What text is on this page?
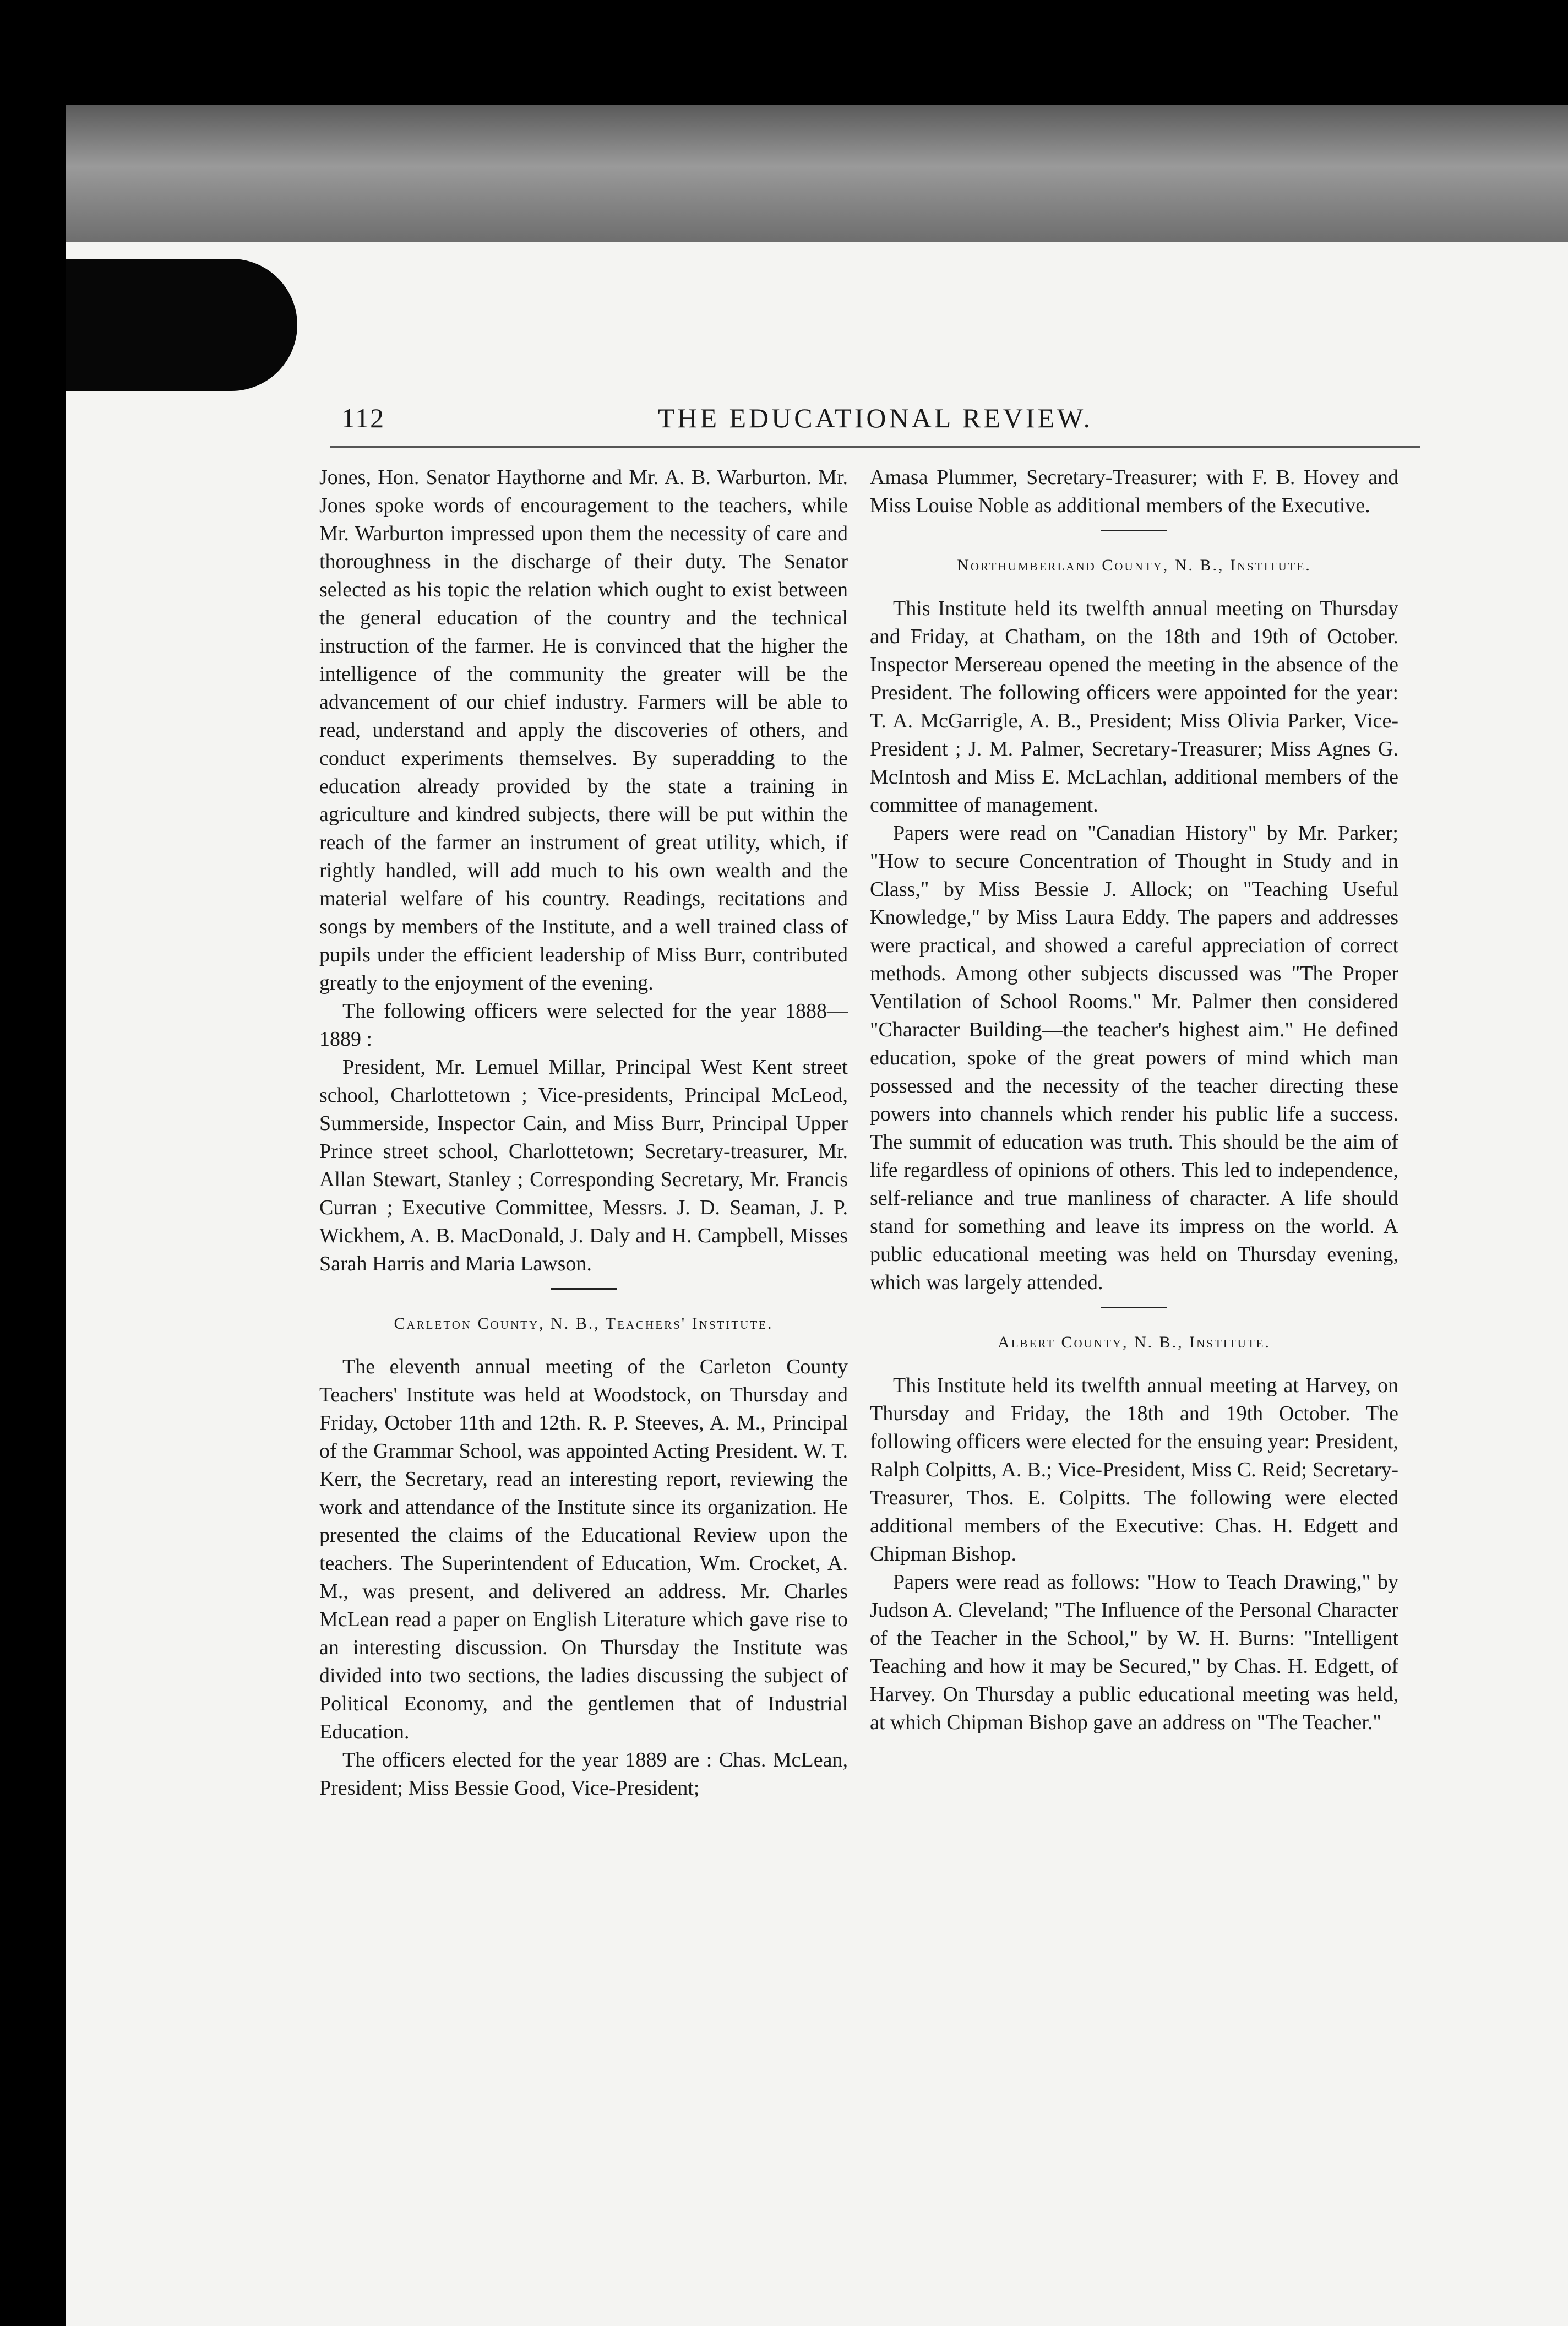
112	THE EDUCATIONAL REVIEW.

Jones, Hon. Senator Haythorne and Mr. A. B. Warburton. Mr. Jones spoke words of encouragement to the teachers, while Mr. Warburton impressed upon them the necessity of care and thoroughness in the discharge of their duty. The Senator selected as his topic the relation which ought to exist between the general education of the country and the technical instruction of the farmer. He is convinced that the higher the intelligence of the community the greater will be the advancement of our chief industry. Farmers will be able to read, understand and apply the discoveries of others, and conduct experiments themselves. By superadding to the education already provided by the state a training in agriculture and kindred subjects, there will be put within the reach of the farmer an instrument of great utility, which, if rightly handled, will add much to his own wealth and the material welfare of his country. Readings, recitations and songs by members of the Institute, and a well trained class of pupils under the efficient leadership of Miss Burr, contributed greatly to the enjoyment of the evening.

The following officers were selected for the year 1888—1889 :

President, Mr. Lemuel Millar, Principal West Kent street school, Charlottetown ; Vice-presidents, Principal McLeod, Summerside, Inspector Cain, and Miss Burr, Principal Upper Prince street school, Charlottetown; Secretary-treasurer, Mr. Allan Stewart, Stanley ; Corresponding Secretary, Mr. Francis Curran ; Executive Committee, Messrs. J. D. Seaman, J. P. Wickhem, A. B. MacDonald, J. Daly and H. Campbell, Misses Sarah Harris and Maria Lawson.

Carleton County, N. B., Teachers' Institute.

The eleventh annual meeting of the Carleton County Teachers' Institute was held at Woodstock, on Thursday and Friday, October 11th and 12th. R. P. Steeves, A. M., Principal of the Grammar School, was appointed Acting President. W. T. Kerr, the Secretary, read an interesting report, reviewing the work and attendance of the Institute since its organization. He presented the claims of the Educational Review upon the teachers. The Superintendent of Education, Wm. Crocket, A. M., was present, and delivered an address. Mr. Charles McLean read a paper on English Literature which gave rise to an interesting discussion. On Thursday the Institute was divided into two sections, the ladies discussing the subject of Political Economy, and the gentlemen that of Industrial Education.

The officers elected for the year 1889 are : Chas. McLean, President; Miss Bessie Good, Vice-President;

Amasa Plummer, Secretary-Treasurer; with F. B. Hovey and Miss Louise Noble as additional members of the Executive.

Northumberland County, N. B., Institute.

This Institute held its twelfth annual meeting on Thursday and Friday, at Chatham, on the 18th and 19th of October. Inspector Mersereau opened the meeting in the absence of the President. The following officers were appointed for the year: T. A. McGarrigle, A. B., President; Miss Olivia Parker, Vice-President ; J. M. Palmer, Secretary-Treasurer; Miss Agnes G. McIntosh and Miss E. McLachlan, additional members of the committee of management.

Papers were read on "Canadian History" by Mr. Parker; "How to secure Concentration of Thought in Study and in Class," by Miss Bessie J. Allock; on "Teaching Useful Knowledge," by Miss Laura Eddy. The papers and addresses were practical, and showed a careful appreciation of correct methods. Among other subjects discussed was "The Proper Ventilation of School Rooms." Mr. Palmer then considered "Character Building—the teacher's highest aim." He defined education, spoke of the great powers of mind which man possessed and the necessity of the teacher directing these powers into channels which render his public life a success. The summit of education was truth. This should be the aim of life regardless of opinions of others. This led to independence, self-reliance and true manliness of character. A life should stand for something and leave its impress on the world. A public educational meeting was held on Thursday evening, which was largely attended.

Albert County, N. B., Institute.

This Institute held its twelfth annual meeting at Harvey, on Thursday and Friday, the 18th and 19th October. The following officers were elected for the ensuing year: President, Ralph Colpitts, A. B.; Vice-President, Miss C. Reid; Secretary-Treasurer, Thos. E. Colpitts. The following were elected additional members of the Executive: Chas. H. Edgett and Chipman Bishop.

Papers were read as follows: "How to Teach Drawing," by Judson A. Cleveland; "The Influence of the Personal Character of the Teacher in the School," by W. H. Burns: "Intelligent Teaching and how it may be Secured," by Chas. H. Edgett, of Harvey. On Thursday a public educational meeting was held, at which Chipman Bishop gave an address on "The Teacher."
